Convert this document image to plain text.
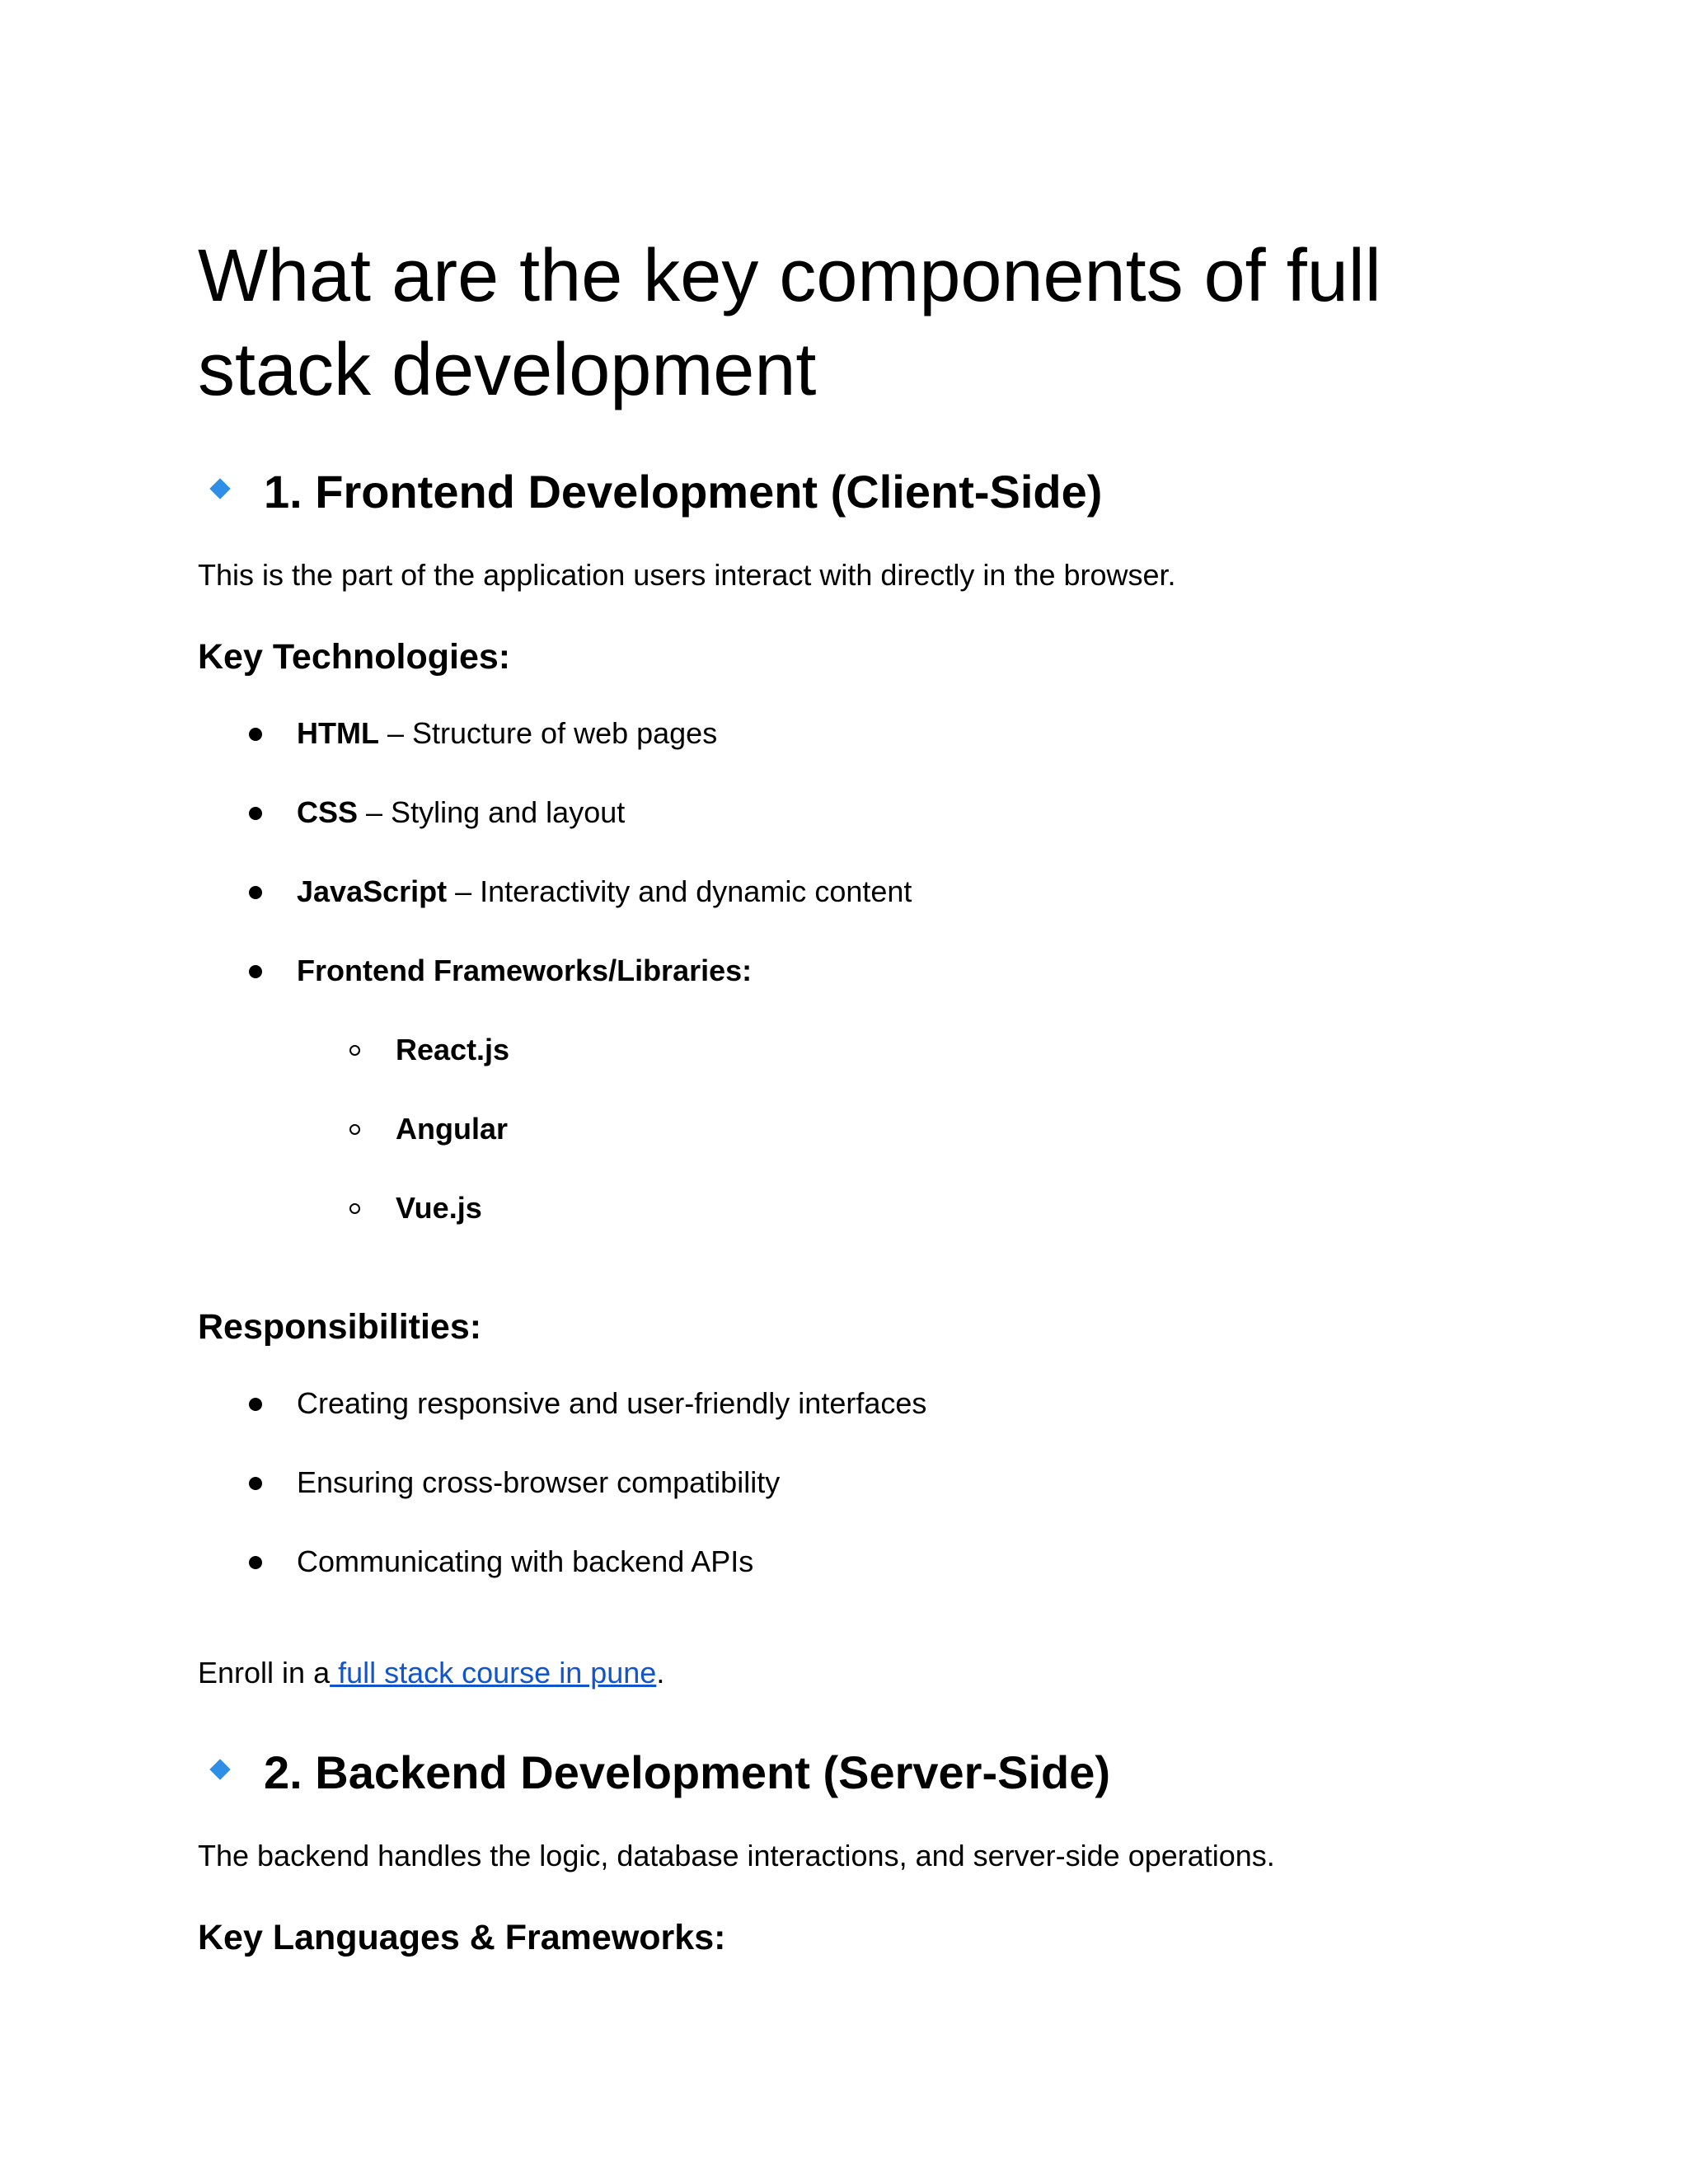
What are the key components of full stack development
1. Frontend Development (Client-Side)

This is the part of the application users interact with directly in the browser.

Key Technologies:
HTML – Structure of web pages
CSS – Styling and layout
JavaScript – Interactivity and dynamic content
Frontend Frameworks/Libraries:
React.js
Angular
Vue.js
Responsibilities:
Creating responsive and user-friendly interfaces
Ensuring cross-browser compatibility
Communicating with backend APIs

Enroll in a full stack course in pune.

2. Backend Development (Server-Side)

The backend handles the logic, database interactions, and server-side operations.

Key Languages & Frameworks:
